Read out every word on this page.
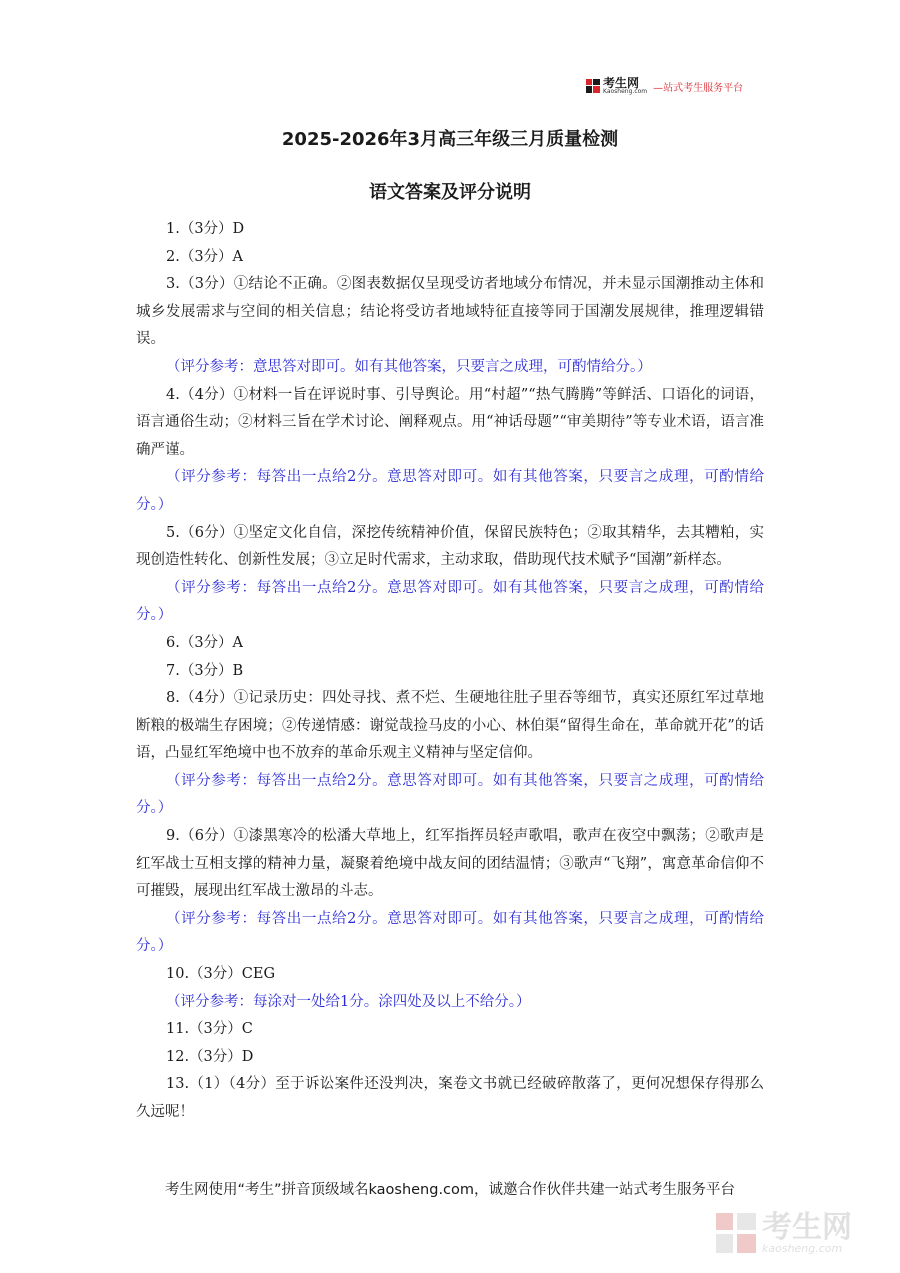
考生网
Kaosheng.com —站式考生服务平台
2025-2026年3月高三年级三月质量检测
语文答案及评分说明

1.（3分）D

2.（3分）A

3.（3分）①结论不正确。②图表数据仅呈现受访者地域分布情况，并未显示国潮推动主体和城乡发展需求与空间的相关信息；结论将受访者地域特征直接等同于国潮发展规律，推理逻辑错误。

（评分参考：意思答对即可。如有其他答案，只要言之成理，可酌情给分。）

4.（4分）①材料一旨在评说时事、引导舆论。用“村超”“热气腾腾”等鲜活、口语化的词语，语言通俗生动；②材料三旨在学术讨论、阐释观点。用“神话母题”“审美期待”等专业术语，语言准确严谨。

（评分参考：每答出一点给2分。意思答对即可。如有其他答案，只要言之成理，可酌情给分。）

5.（6分）①坚定文化自信，深挖传统精神价值，保留民族特色；②取其精华，去其糟粕，实现创造性转化、创新性发展；③立足时代需求，主动求取，借助现代技术赋予“国潮”新样态。

（评分参考：每答出一点给2分。意思答对即可。如有其他答案，只要言之成理，可酌情给分。）

6.（3分）A

7.（3分）B

8.（4分）①记录历史：四处寻找、煮不烂、生硬地往肚子里吞等细节，真实还原红军过草地断粮的极端生存困境；②传递情感：谢觉哉捡马皮的小心、林伯渠“留得生命在，革命就开花”的话语，凸显红军绝境中也不放弃的革命乐观主义精神与坚定信仰。

（评分参考：每答出一点给2分。意思答对即可。如有其他答案，只要言之成理，可酌情给分。）

9.（6分）①漆黑寒冷的松潘大草地上，红军指挥员轻声歌唱，歌声在夜空中飘荡；②歌声是红军战士互相支撑的精神力量，凝聚着绝境中战友间的团结温情；③歌声“飞翔”，寓意革命信仰不可摧毁，展现出红军战士激昂的斗志。

（评分参考：每答出一点给2分。意思答对即可。如有其他答案，只要言之成理，可酌情给分。）

10.（3分）CEG

（评分参考：每涂对一处给1分。涂四处及以上不给分。）

11.（3分）C

12.（3分）D

13.（1）（4分）至于诉讼案件还没判决，案卷文书就已经破碎散落了，更何况想保存得那么久远呢！

考生网使用“考生”拼音顶级域名kaosheng.com，诚邀合作伙伴共建一站式考生服务平台
考生网
kaosheng.com
